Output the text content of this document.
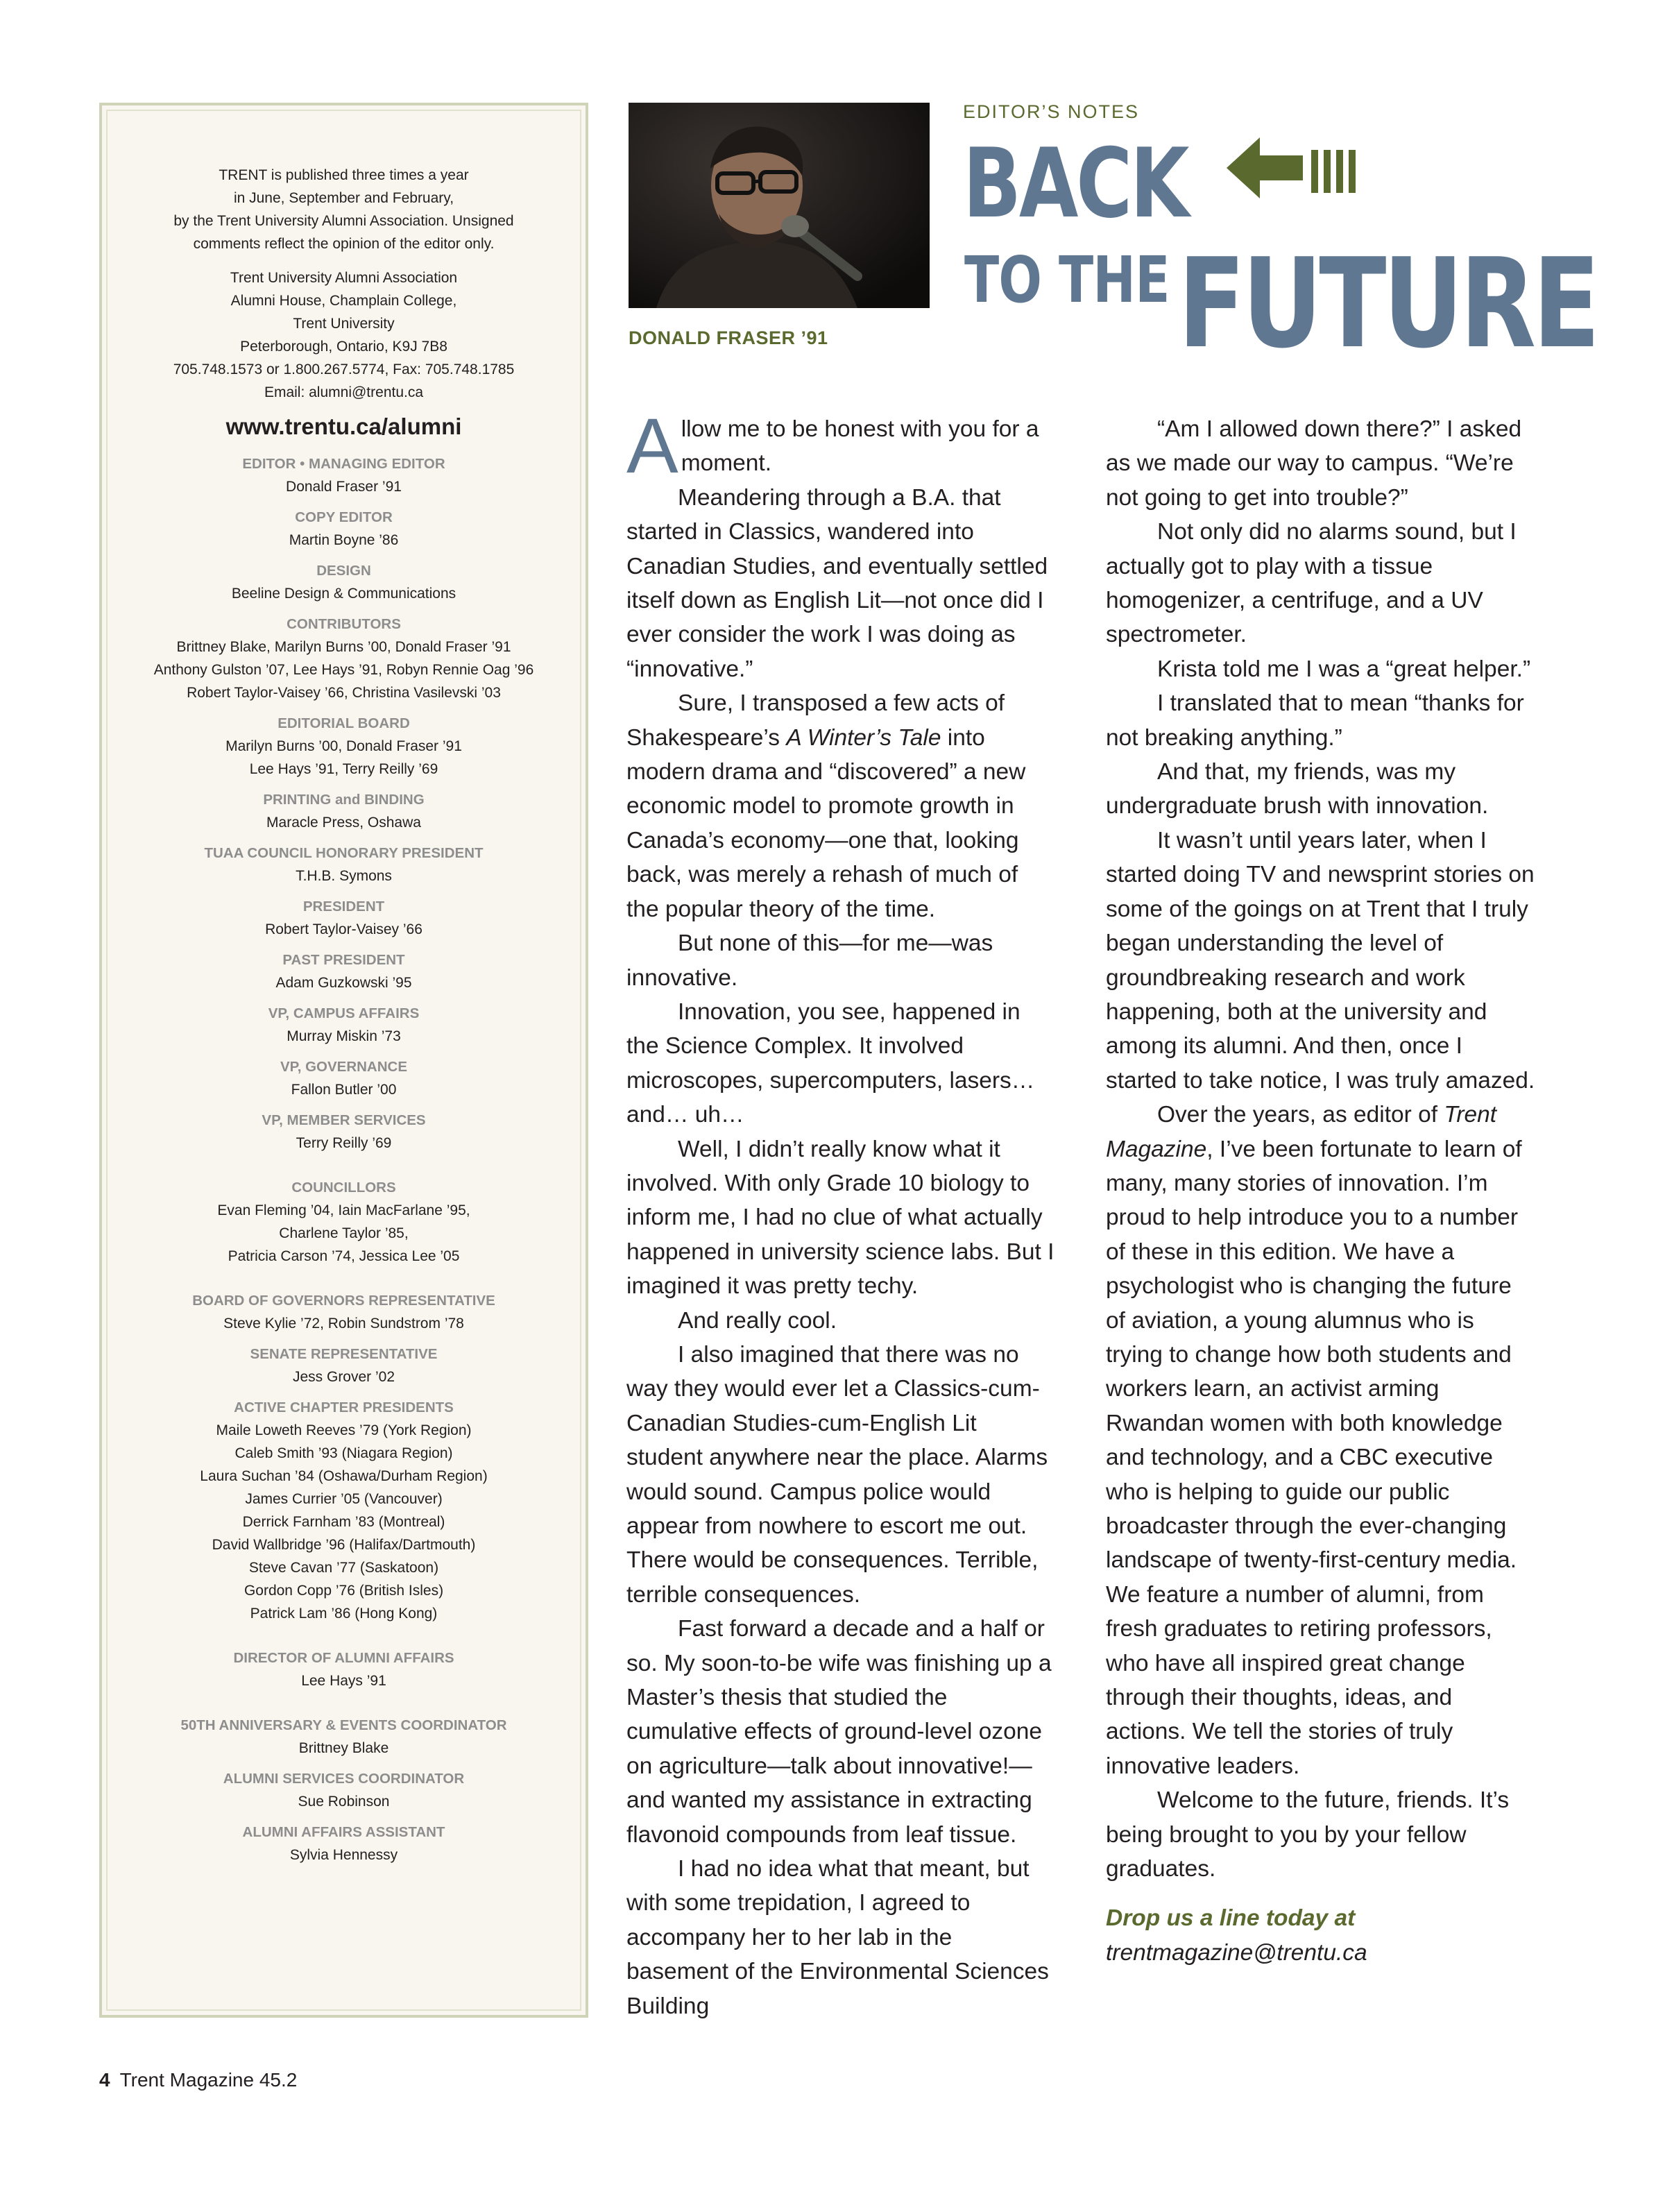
TRENT is published three times a year
in June, September and February,
by the Trent University Alumni Association. Unsigned
comments reflect the opinion of the editor only.
Trent University Alumni Association
Alumni House, Champlain College,
Trent University
Peterborough, Ontario, K9J 7B8
705.748.1573 or 1.800.267.5774, Fax: 705.748.1785
Email: alumni@trentu.ca
www.trentu.ca/alumni
EDITOR • MANAGING EDITOR
Donald Fraser ’91
COPY EDITOR
Martin Boyne ’86
DESIGN
Beeline Design & Communications
CONTRIBUTORS
Brittney Blake, Marilyn Burns ’00, Donald Fraser ’91
Anthony Gulston ’07, Lee Hays ’91, Robyn Rennie Oag ’96
Robert Taylor-Vaisey ’66, Christina Vasilevski ’03
EDITORIAL BOARD
Marilyn Burns ’00, Donald Fraser ’91
Lee Hays ’91, Terry Reilly ’69
PRINTING and BINDING
Maracle Press, Oshawa
TUAA COUNCIL HONORARY PRESIDENT
T.H.B. Symons
PRESIDENT
Robert Taylor-Vaisey ’66
PAST PRESIDENT
Adam Guzkowski ’95
VP, CAMPUS AFFAIRS
Murray Miskin ’73
VP, GOVERNANCE
Fallon Butler ’00
VP, MEMBER SERVICES
Terry Reilly ’69
COUNCILLORS
Evan Fleming ’04, Iain MacFarlane ’95,
Charlene Taylor ’85,
Patricia Carson ’74, Jessica Lee ’05
BOARD OF GOVERNORS REPRESENTATIVE
Steve Kylie ’72, Robin Sundstrom ’78
SENATE REPRESENTATIVE
Jess Grover ’02
ACTIVE CHAPTER PRESIDENTS
Maile Loweth Reeves ’79 (York Region)
Caleb Smith ’93 (Niagara Region)
Laura Suchan ’84 (Oshawa/Durham Region)
James Currier ’05 (Vancouver)
Derrick Farnham ’83 (Montreal)
David Wallbridge ’96 (Halifax/Dartmouth)
Steve Cavan ’77 (Saskatoon)
Gordon Copp ’76 (British Isles)
Patrick Lam ’86 (Hong Kong)
DIRECTOR OF ALUMNI AFFAIRS
Lee Hays ’91
50TH ANNIVERSARY & EVENTS COORDINATOR
Brittney Blake
ALUMNI SERVICES COORDINATOR
Sue Robinson
ALUMNI AFFAIRS ASSISTANT
Sylvia Hennessy
DONALD FRASER ’91
EDITOR’S NOTES
BACK
TO THE FUTURE

Allow me to be honest with you for a moment.

Meandering through a B.A. that started in Classics, wandered into Canadian Studies, and eventually settled itself down as English Lit—not once did I ever consider the work I was doing as “innovative.”

Sure, I transposed a few acts of Shakespeare’s A Winter’s Tale into modern drama and “discovered” a new economic model to promote growth in Canada’s economy—one that, looking back, was merely a rehash of much of the popular theory of the time.

But none of this—for me—was innovative.

Innovation, you see, happened in the Science Complex. It involved microscopes, supercomputers, lasers… and… uh…

Well, I didn’t really know what it involved. With only Grade 10 biology to inform me, I had no clue of what actually happened in university science labs. But I imagined it was pretty techy.

And really cool.

I also imagined that there was no way they would ever let a Classics-cum-Canadian Studies-cum-English Lit student anywhere near the place. Alarms would sound. Campus police would appear from nowhere to escort me out. There would be consequences. Terrible, terrible consequences.

Fast forward a decade and a half or so. My soon-to-be wife was finishing up a Master’s thesis that studied the cumulative effects of ground-level ozone on agriculture—talk about innovative!—and wanted my assistance in extracting flavonoid compounds from leaf tissue.

I had no idea what that meant, but with some trepidation, I agreed to accompany her to her lab in the basement of the Environmental Sciences Building

“Am I allowed down there?” I asked as we made our way to campus. “We’re not going to get into trouble?”

Not only did no alarms sound, but I actually got to play with a tissue homogenizer, a centrifuge, and a UV spectrometer.

Krista told me I was a “great helper.”

I translated that to mean “thanks for not breaking anything.”

And that, my friends, was my undergraduate brush with innovation.

It wasn’t until years later, when I started doing TV and newsprint stories on some of the goings on at Trent that I truly began understanding the level of groundbreaking research and work happening, both at the university and among its alumni. And then, once I started to take notice, I was truly amazed.

Over the years, as editor of Trent Magazine, I’ve been fortunate to learn of many, many stories of innovation. I’m proud to help introduce you to a number of these in this edition. We have a psychologist who is changing the future of aviation, a young alumnus who is trying to change how both students and workers learn, an activist arming Rwandan women with both knowledge and technology, and a CBC executive who is helping to guide our public broadcaster through the ever-changing landscape of twenty-first-century media. We feature a number of alumni, from fresh graduates to retiring professors, who have all inspired great change through their thoughts, ideas, and actions. We tell the stories of truly innovative leaders.

Welcome to the future, friends. It’s being brought to you by your fellow graduates.

Drop us a line today at

trentmagazine@trentu.ca

4 Trent Magazine 45.2
